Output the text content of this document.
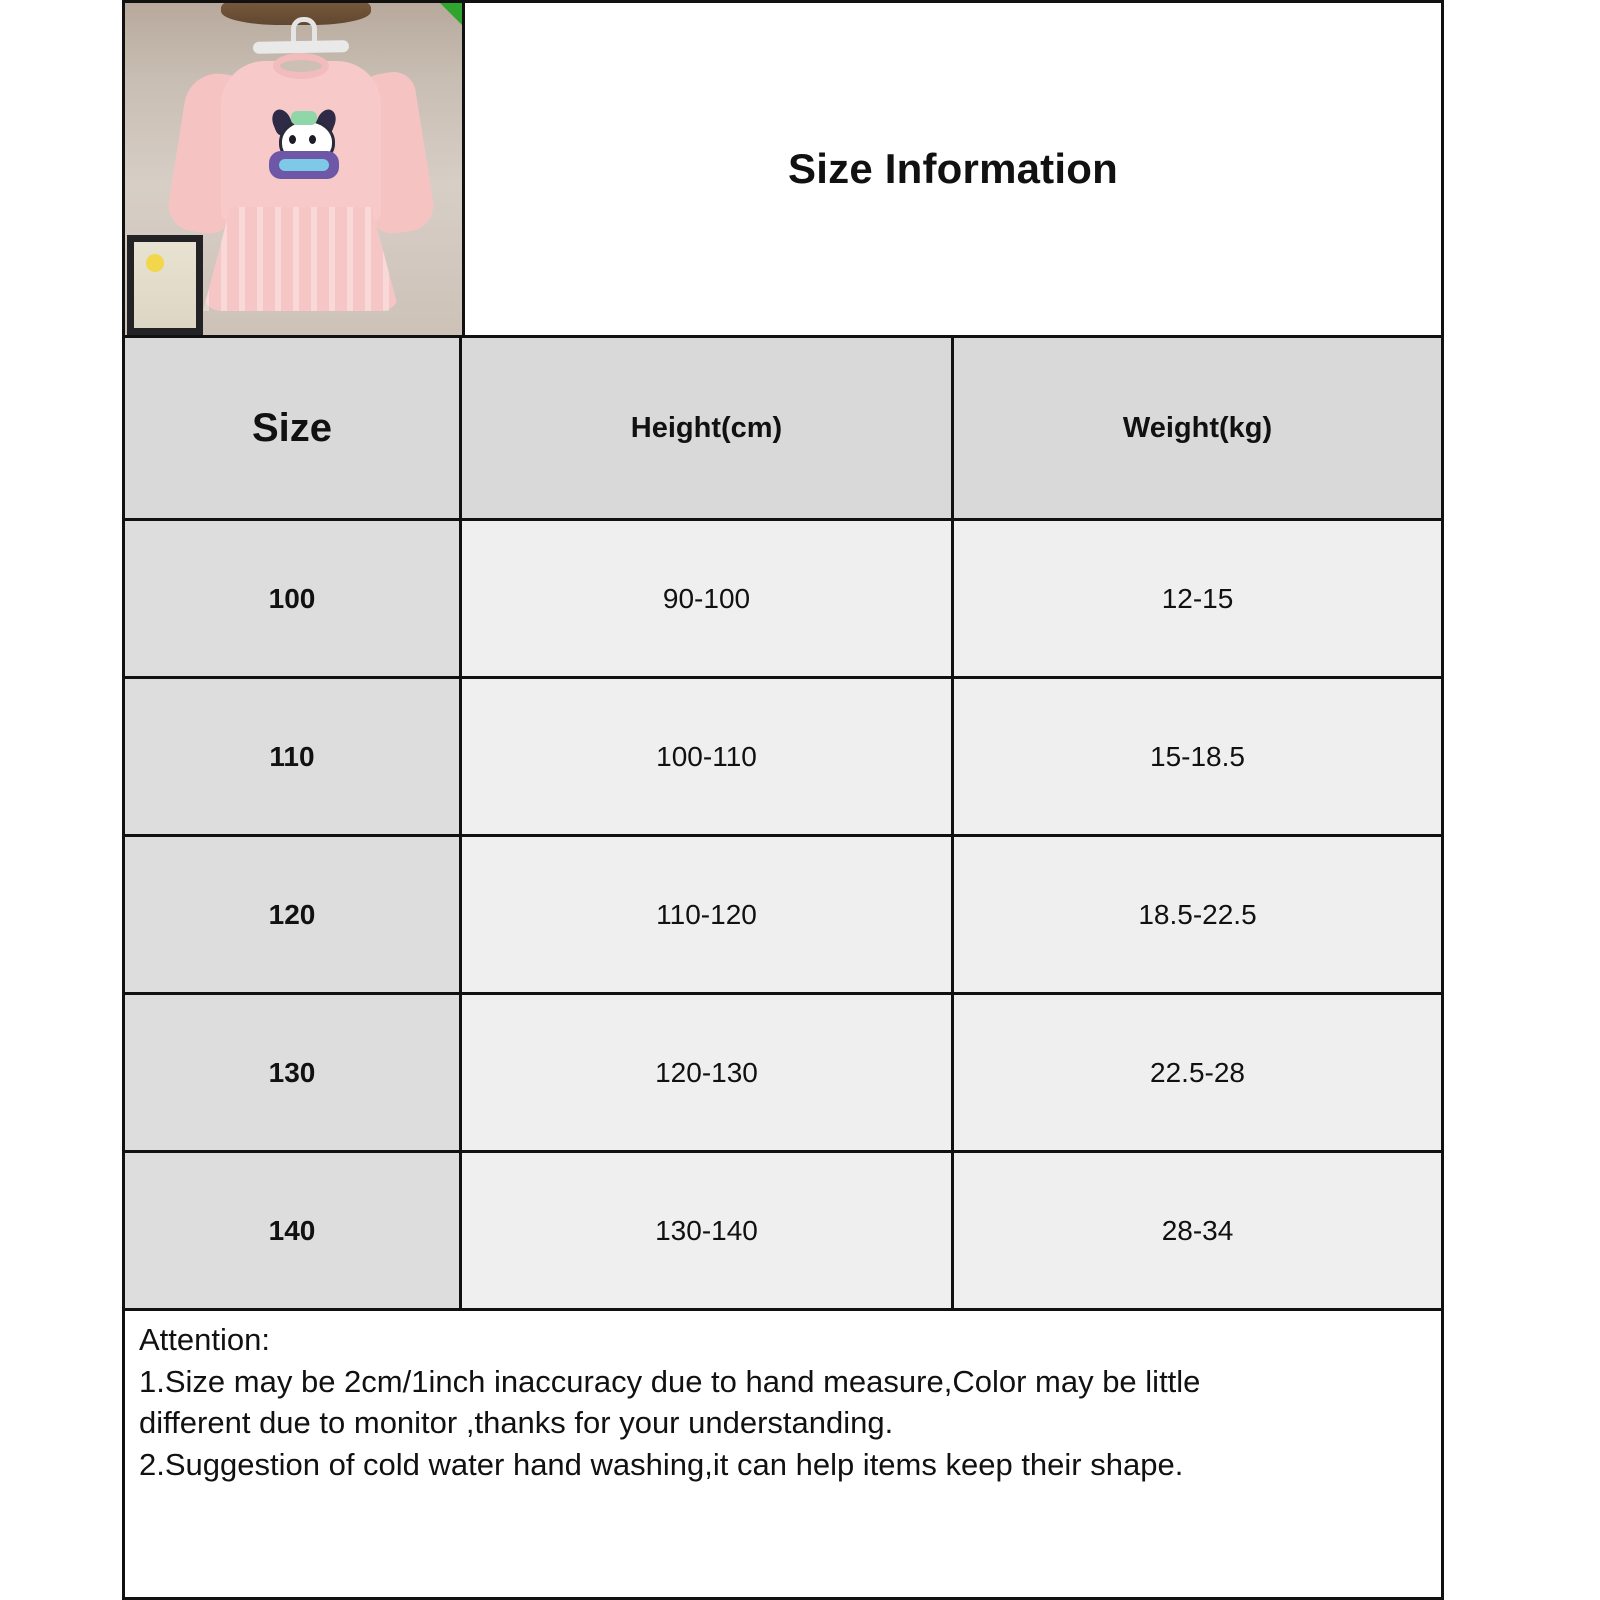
Size Information
Size	Height(cm)	Weight(kg)
100	90-100	12-15
110	100-110	15-18.5
120	110-120	18.5-22.5
130	120-130	22.5-28
140	130-140	28-34
Attention:
1.Size may be 2cm/1inch inaccuracy due to hand measure,Color may be little
different due to monitor ,thanks for your understanding.
2.Suggestion of cold water hand washing,it can help items keep their shape.
